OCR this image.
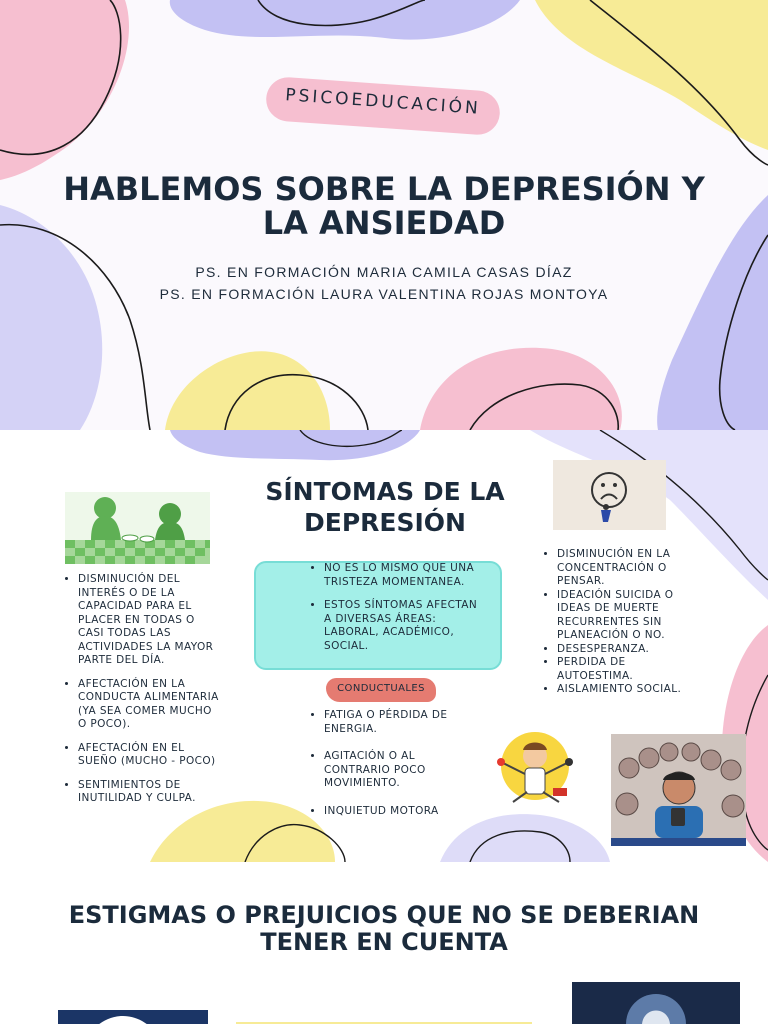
PSICOEDUCACIÓN
HABLEMOS SOBRE LA DEPRESIÓN Y LA ANSIEDAD
PS. EN FORMACIÓN MARIA CAMILA CASAS DÍAZ
PS. EN FORMACIÓN LAURA VALENTINA ROJAS MONTOYA
SÍNTOMAS DE LA DEPRESIÓN
• DISMINUCIÓN DEL INTERÉS O DE LA CAPACIDAD PARA EL PLACER EN TODAS O CASI TODAS LAS ACTIVIDADES LA MAYOR PARTE DEL DÍA.
• AFECTACIÓN EN LA CONDUCTA ALIMENTARIA (YA SEA COMER MUCHO O POCO).
• AFECTACIÓN EN EL SUEÑO (MUCHO - POCO)
• SENTIMIENTOS DE INUTILIDAD Y CULPA.
• NO ES LO MISMO QUE UNA TRISTEZA MOMENTANEA.
• ESTOS SÍNTOMAS AFECTAN A DIVERSAS ÁREAS: LABORAL, ACADÉMICO, SOCIAL.
CONDUCTUALES
• FATIGA O PÉRDIDA DE ENERGIA.
• AGITACIÓN O AL CONTRARIO POCO MOVIMIENTO.
• INQUIETUD MOTORA
• DISMINUCIÓN EN LA CONCENTRACIÓN O PENSAR.
• IDEACIÓN SUICIDA O IDEAS DE MUERTE RECURRENTES SIN PLANEACIÓN O NO.
• DESESPERANZA.
• PERDIDA DE AUTOESTIMA.
• AISLAMIENTO SOCIAL.
ESTIGMAS O PREJUICIOS QUE NO SE DEBERIAN TENER EN CUENTA
